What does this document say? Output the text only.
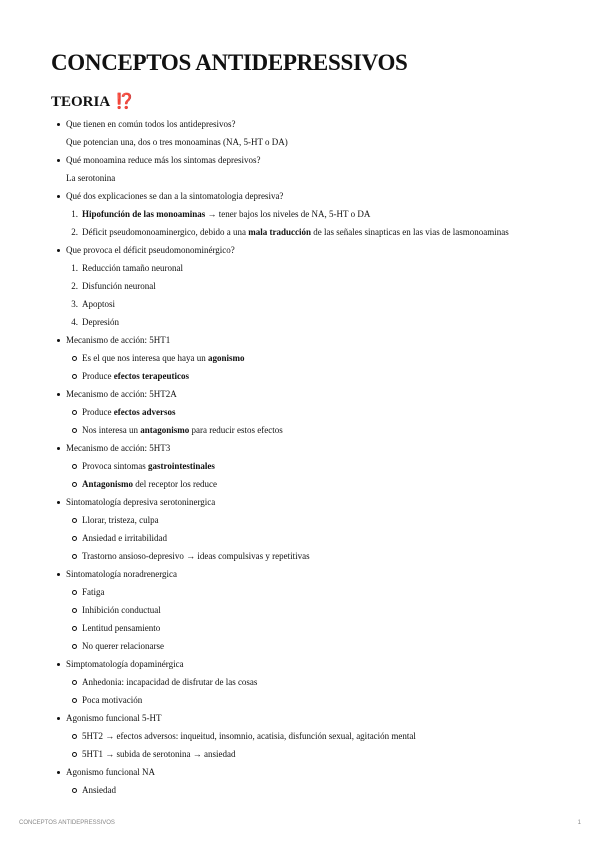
CONCEPTOS ANTIDEPRESSIVOS
TEORIA ⁉️
Que tienen en común todos los antidepresivos?
Que potencian una, dos o tres monoaminas (NA, 5-HT o DA)
Qué monoamina reduce más los sintomas depresivos?
La serotonina
Qué dos explicaciones se dan a la sintomatologia depresiva?
1. Hipofunción de las monoaminas → tener bajos los niveles de NA, 5-HT o DA
2. Déficit pseudomonoaminergico, debido a una mala traducción de las señales sinapticas en las vias de lasmonoaminas
Que provoca el déficit pseudomonominérgico?
1. Reducción tamaño neuronal
2. Disfunción neuronal
3. Apoptosi
4. Depresión
Mecanismo de acción: 5HT1
Es el que nos interesa que haya un agonismo
Produce efectos terapeuticos
Mecanismo de acción: 5HT2A
Produce efectos adversos
Nos interesa un antagonismo para reducir estos efectos
Mecanismo de acción: 5HT3
Provoca sintomas gastrointestinales
Antagonismo del receptor los reduce
Sintomatología depresiva serotoninergica
Llorar, tristeza, culpa
Ansiedad e irritabilidad
Trastorno ansioso-depresivo → ideas compulsivas y repetitivas
Sintomatología noradrenergica
Fatiga
Inhibición conductual
Lentitud pensamiento
No querer relacionarse
Simptomatología dopaminérgica
Anhedonia: incapacidad de disfrutar de las cosas
Poca motivación
Agonismo funcional 5-HT
5HT2 → efectos adversos: inqueitud, insomnio, acatisia, disfunción sexual, agitación mental
5HT1 → subida de serotonina → ansiedad
Agonismo funcional NA
Ansiedad
CONCEPTOS ANTIDEPRESSIVOS	1
